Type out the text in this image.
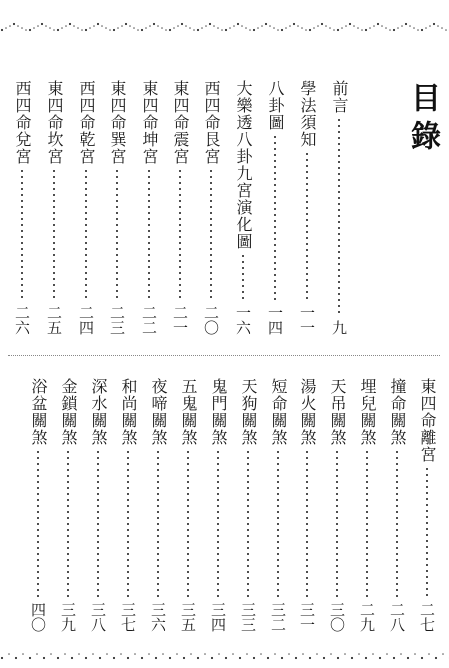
目錄
前言
九
學法須知
一一
八卦圖
一四
大樂透八卦九宮演化圖
一六
西四命艮宮
二〇
東四命震宮
二一
東四命坤宮
二二
東四命巽宮
二三
西四命乾宮
二四
東四命坎宮
二五
西四命兌宮
二六
東四命離宮
二七
撞命關煞
二八
埋兒關煞
二九
天吊關煞
三〇
湯火關煞
三一
短命關煞
三二
天狗關煞
三三
鬼門關煞
三四
五鬼關煞
三五
夜啼關煞
三六
和尚關煞
三七
深水關煞
三八
金鎖關煞
三九
浴盆關煞
四〇
